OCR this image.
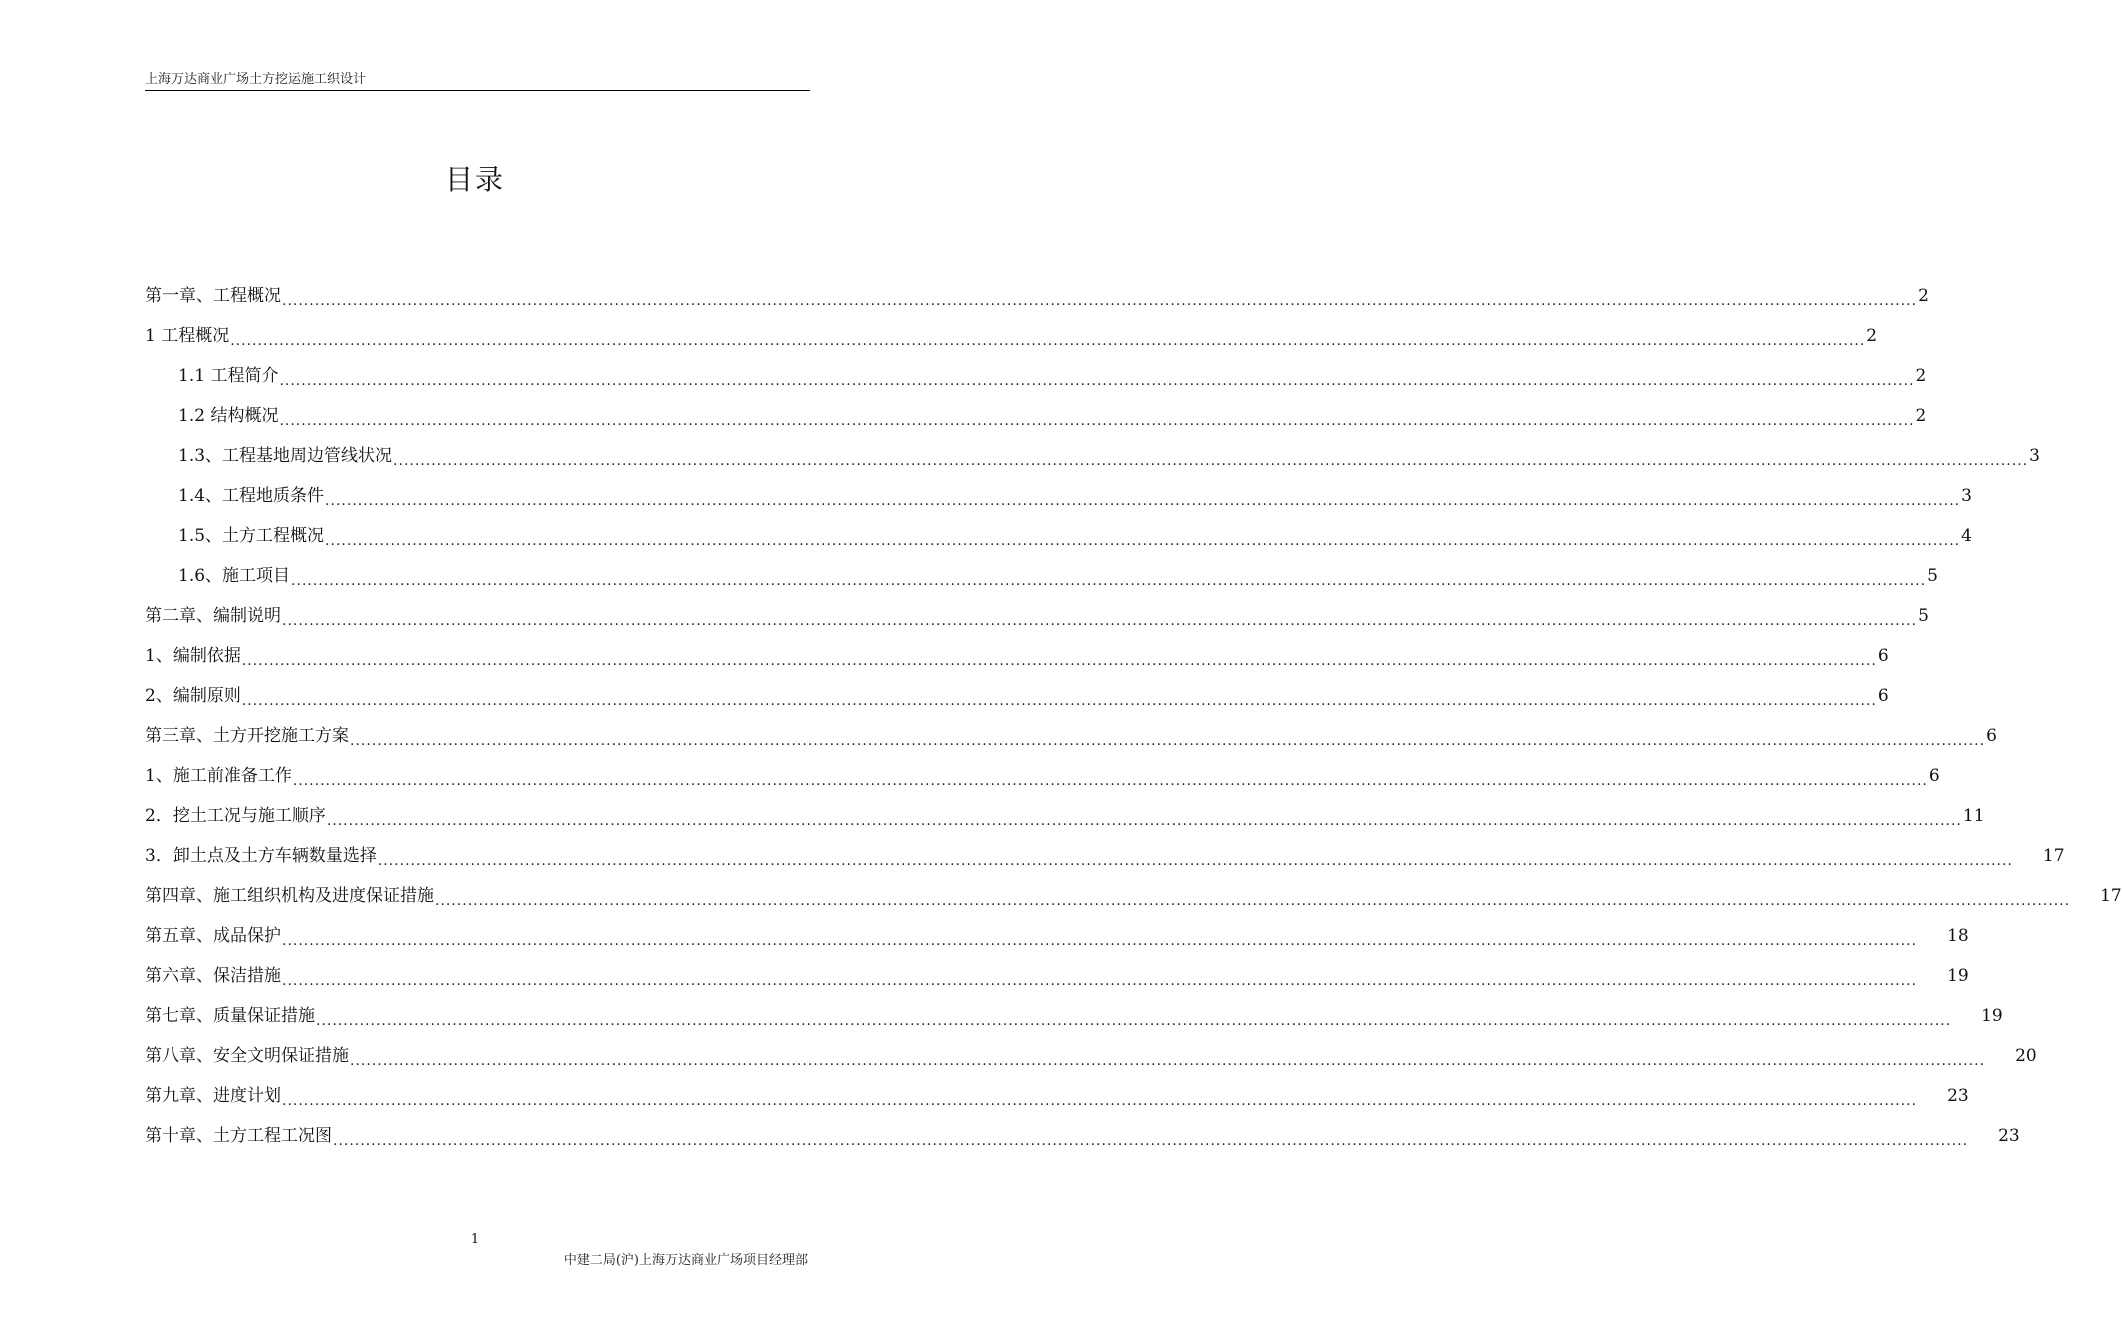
上海万达商业广场土方挖运施工织设计
目录
第一章、工程概况 ............................................................................................................................................................................................................................................................................................................ 2
1 工程概况 ............................................................................................................................................................................................................................................................................................................ 2
1.1 工程简介 ............................................................................................................................................................................................................................................................................................................ 2
1.2 结构概况 ............................................................................................................................................................................................................................................................................................................ 2
1.3、工程基地周边管线状况 ............................................................................................................................................................................................................................................................................................................ 3
1.4、工程地质条件 ............................................................................................................................................................................................................................................................................................................ 3
1.5、土方工程概况 ............................................................................................................................................................................................................................................................................................................ 4
1.6、施工项目 ............................................................................................................................................................................................................................................................................................................ 5
第二章、编制说明 ............................................................................................................................................................................................................................................................................................................ 5
1、编制依据 ............................................................................................................................................................................................................................................................................................................ 6
2、编制原则 ............................................................................................................................................................................................................................................................................................................ 6
第三章、土方开挖施工方案 ............................................................................................................................................................................................................................................................................................................ 6
1、施工前准备工作 ............................................................................................................................................................................................................................................................................................................ 6
2．挖土工况与施工顺序 ............................................................................................................................................................................................................................................................................................................ 11
3．卸土点及土方车辆数量选择 ............................................................................................................................................................................................................................................................................................................ 17
第四章、施工组织机构及进度保证措施 ............................................................................................................................................................................................................................................................................................................ 17
第五章、成品保护 ............................................................................................................................................................................................................................................................................................................ 18
第六章、保洁措施 ............................................................................................................................................................................................................................................................................................................ 19
第七章、质量保证措施 ............................................................................................................................................................................................................................................................................................................ 19
第八章、安全文明保证措施 ............................................................................................................................................................................................................................................................................................................ 20
第九章、进度计划 ............................................................................................................................................................................................................................................................................................................ 23
第十章、土方工程工况图 ............................................................................................................................................................................................................................................................................................................ 23
1
中建二局(沪)上海万达商业广场项目经理部
